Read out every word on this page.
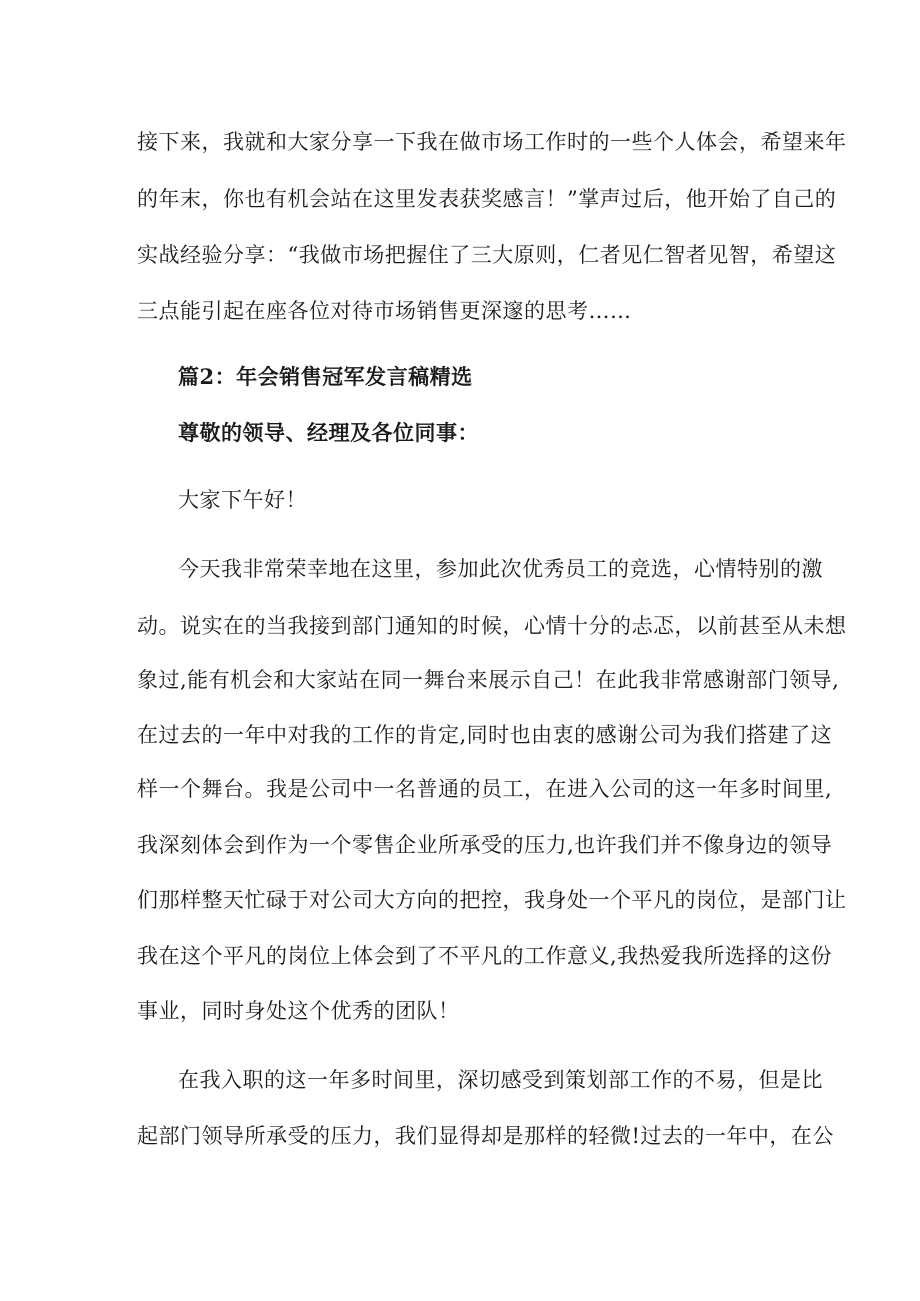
接下来，我就和大家分享一下我在做市场工作时的一些个人体会，希望来年
的年末，你也有机会站在这里发表获奖感言！”掌声过后，他开始了自己的
实战经验分享：“我做市场把握住了三大原则，仁者见仁智者见智，希望这
三点能引起在座各位对待市场销售更深邃的思考……
篇2：年会销售冠军发言稿精选
尊敬的领导、经理及各位同事：
大家下午好！
今天我非常荣幸地在这里，参加此次优秀员工的竞选，心情特别的激
动。说实在的当我接到部门通知的时候，心情十分的忐忑，以前甚至从未想
象过,能有机会和大家站在同一舞台来展示自己！在此我非常感谢部门领导,
在过去的一年中对我的工作的肯定,同时也由衷的感谢公司为我们搭建了这
样一个舞台。我是公司中一名普通的员工，在进入公司的这一年多时间里,
我深刻体会到作为一个零售企业所承受的压力,也许我们并不像身边的领导
们那样整天忙碌于对公司大方向的把控，我身处一个平凡的岗位，是部门让
我在这个平凡的岗位上体会到了不平凡的工作意义,我热爱我所选择的这份
事业，同时身处这个优秀的团队！
在我入职的这一年多时间里，深切感受到策划部工作的不易，但是比
起部门领导所承受的压力，我们显得却是那样的轻微!过去的一年中，在公
